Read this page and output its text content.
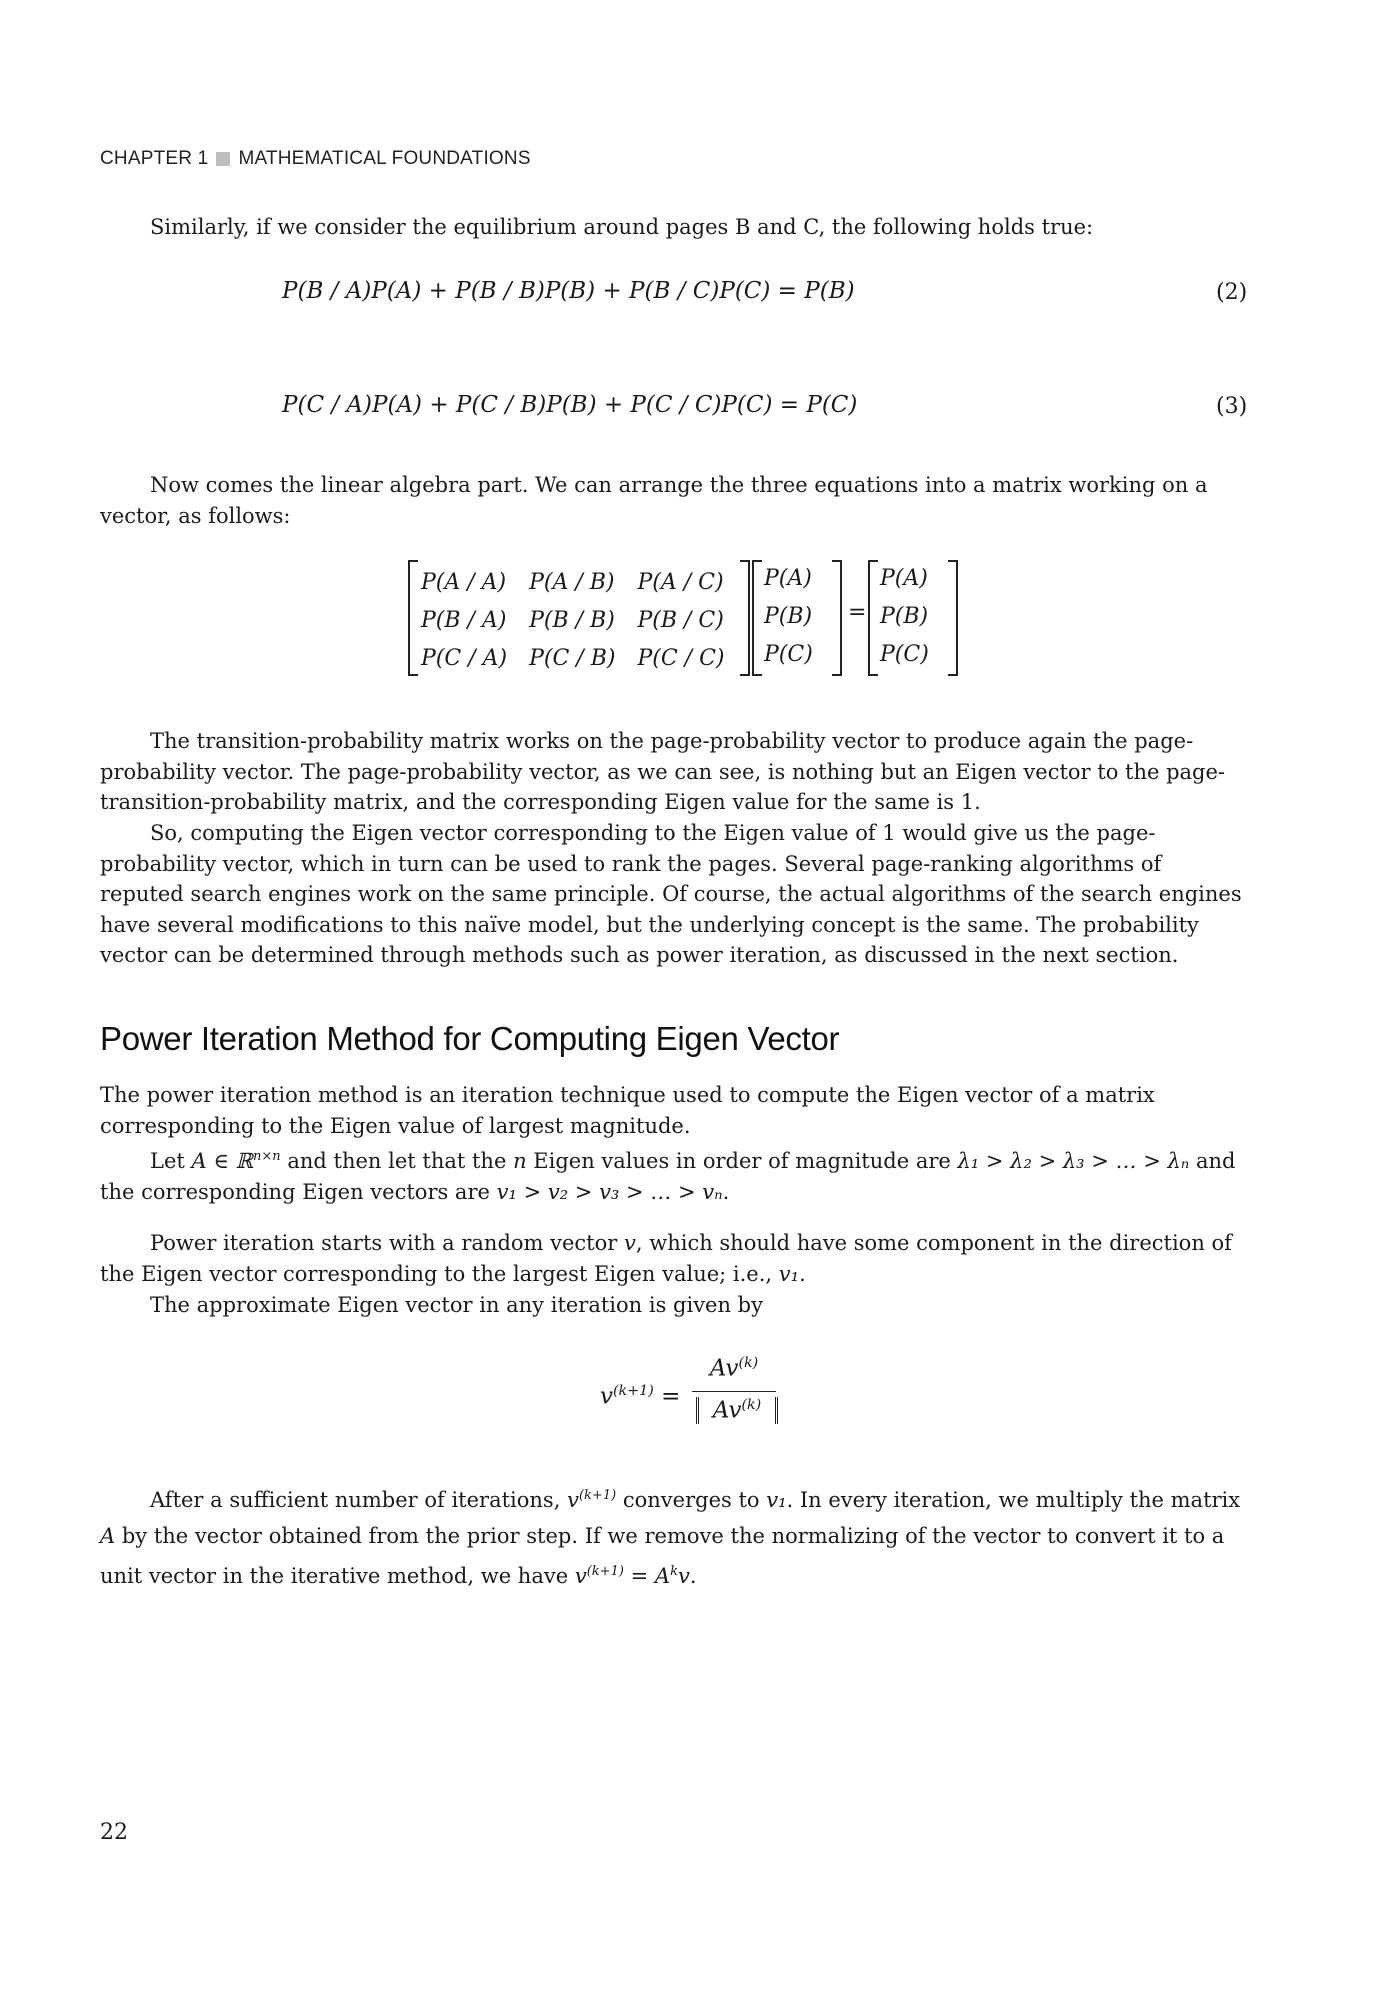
CHAPTER 1 MATHEMATICAL FOUNDATIONS

Similarly, if we consider the equilibrium around pages B and C, the following holds true:

P(B / A)P(A) + P(B / B)P(B) + P(B / C)P(C) = P(B)	(2)
P(C / A)P(A) + P(C / B)P(B) + P(C / C)P(C) = P(C)	(3)

Now comes the linear algebra part. We can arrange the three equations into a matrix working on a vector, as follows:

P(A / A)	P(A / B)	P(A / C)
P(B / A)	P(B / B)	P(B / C)
P(C / A)	P(C / B)	P(C / C)
P(A)
P(B)
P(C)
=
P(A)
P(B)
P(C)

The transition-probability matrix works on the page-probability vector to produce again the page-probability vector. The page-probability vector, as we can see, is nothing but an Eigen vector to the page-transition-probability matrix, and the corresponding Eigen value for the same is 1.

So, computing the Eigen vector corresponding to the Eigen value of 1 would give us the page-probability vector, which in turn can be used to rank the pages. Several page-ranking algorithms of reputed search engines work on the same principle. Of course, the actual algorithms of the search engines have several modifications to this naïve model, but the underlying concept is the same. The probability vector can be determined through methods such as power iteration, as discussed in the next section.

Power Iteration Method for Computing Eigen Vector

The power iteration method is an iteration technique used to compute the Eigen vector of a matrix corresponding to the Eigen value of largest magnitude.

Let A ∈ ℝ$^{n\times n}$ and then let that the n Eigen values in order of magnitude are λ₁ > λ₂ > λ₃ > … > λₙ and the corresponding Eigen vectors are v₁ > v₂ > v₃ > … > vₙ.

Power iteration starts with a random vector v, which should have some component in the direction of the Eigen vector corresponding to the largest Eigen value; i.e., v₁.

The approximate Eigen vector in any iteration is given by

$v^{(k+1)}$ =
$Av^{(k)}$
Av$^{(k)}$

After a sufficient number of iterations, $v^{(k+1)}$ converges to v₁. In every iteration, we multiply the matrix A by the vector obtained from the prior step. If we remove the normalizing of the vector to convert it to a unit vector in the iterative method, we have $v^{(k+1)} = A^kv$.

22
